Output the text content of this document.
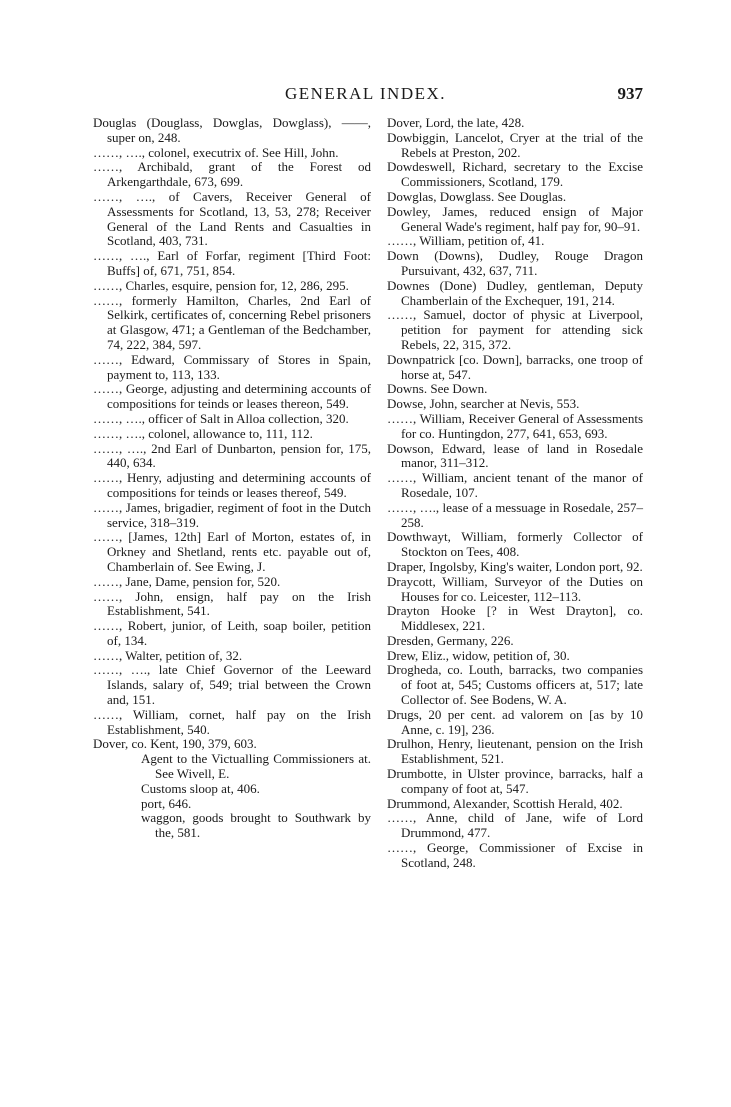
GENERAL INDEX.	937
Douglas (Douglass, Dowglas, Dowglass), ——, super on, 248.
……, …., colonel, executrix of. See Hill, John.
……, Archibald, grant of the Forest od Arkengarthdale, 673, 699.
……, …., of Cavers, Receiver General of Assessments for Scotland, 13, 53, 278; Receiver General of the Land Rents and Casualties in Scotland, 403, 731.
……, …., Earl of Forfar, regiment [Third Foot: Buffs] of, 671, 751, 854.
……, Charles, esquire, pension for, 12, 286, 295.
……, formerly Hamilton, Charles, 2nd Earl of Selkirk, certificates of, concerning Rebel prisoners at Glasgow, 471; a Gentleman of the Bedchamber, 74, 222, 384, 597.
……, Edward, Commissary of Stores in Spain, payment to, 113, 133.
……, George, adjusting and determining accounts of compositions for teinds or leases thereon, 549.
……, …., officer of Salt in Alloa collection, 320.
……, …., colonel, allowance to, 111, 112.
……, …., 2nd Earl of Dunbarton, pension for, 175, 440, 634.
……, Henry, adjusting and determining accounts of compositions for teinds or leases thereof, 549.
……, James, brigadier, regiment of foot in the Dutch service, 318–319.
……, [James, 12th] Earl of Morton, estates of, in Orkney and Shetland, rents etc. payable out of, Chamberlain of. See Ewing, J.
……, Jane, Dame, pension for, 520.
……, John, ensign, half pay on the Irish Establishment, 541.
……, Robert, junior, of Leith, soap boiler, petition of, 134.
……, Walter, petition of, 32.
……, …., late Chief Governor of the Leeward Islands, salary of, 549; trial between the Crown and, 151.
……, William, cornet, half pay on the Irish Establishment, 540.
Dover, co. Kent, 190, 379, 603.
Agent to the Victualling Commissioners at. See Wivell, E.
Customs sloop at, 406.
port, 646.
waggon, goods brought to Southwark by the, 581.
Dover, Lord, the late, 428.
Dowbiggin, Lancelot, Cryer at the trial of the Rebels at Preston, 202.
Dowdeswell, Richard, secretary to the Excise Commissioners, Scotland, 179.
Dowglas, Dowglass. See Douglas.
Dowley, James, reduced ensign of Major General Wade's regiment, half pay for, 90–91.
……, William, petition of, 41.
Down (Downs), Dudley, Rouge Dragon Pursuivant, 432, 637, 711.
Downes (Done) Dudley, gentleman, Deputy Chamberlain of the Exchequer, 191, 214.
……, Samuel, doctor of physic at Liverpool, petition for payment for attending sick Rebels, 22, 315, 372.
Downpatrick [co. Down], barracks, one troop of horse at, 547.
Downs. See Down.
Dowse, John, searcher at Nevis, 553.
……, William, Receiver General of Assessments for co. Huntingdon, 277, 641, 653, 693.
Dowson, Edward, lease of land in Rosedale manor, 311–312.
……, William, ancient tenant of the manor of Rosedale, 107.
……, …., lease of a messuage in Rosedale, 257–258.
Dowthwayt, William, formerly Collector of Stockton on Tees, 408.
Draper, Ingolsby, King's waiter, London port, 92.
Draycott, William, Surveyor of the Duties on Houses for co. Leicester, 112–113.
Drayton Hooke [? in West Drayton], co. Middlesex, 221.
Dresden, Germany, 226.
Drew, Eliz., widow, petition of, 30.
Drogheda, co. Louth, barracks, two companies of foot at, 545; Customs officers at, 517; late Collector of. See Bodens, W. A.
Drugs, 20 per cent. ad valorem on [as by 10 Anne, c. 19], 236.
Drulhon, Henry, lieutenant, pension on the Irish Establishment, 521.
Drumbotte, in Ulster province, barracks, half a company of foot at, 547.
Drummond, Alexander, Scottish Herald, 402.
……, Anne, child of Jane, wife of Lord Drummond, 477.
……, George, Commissioner of Excise in Scotland, 248.
